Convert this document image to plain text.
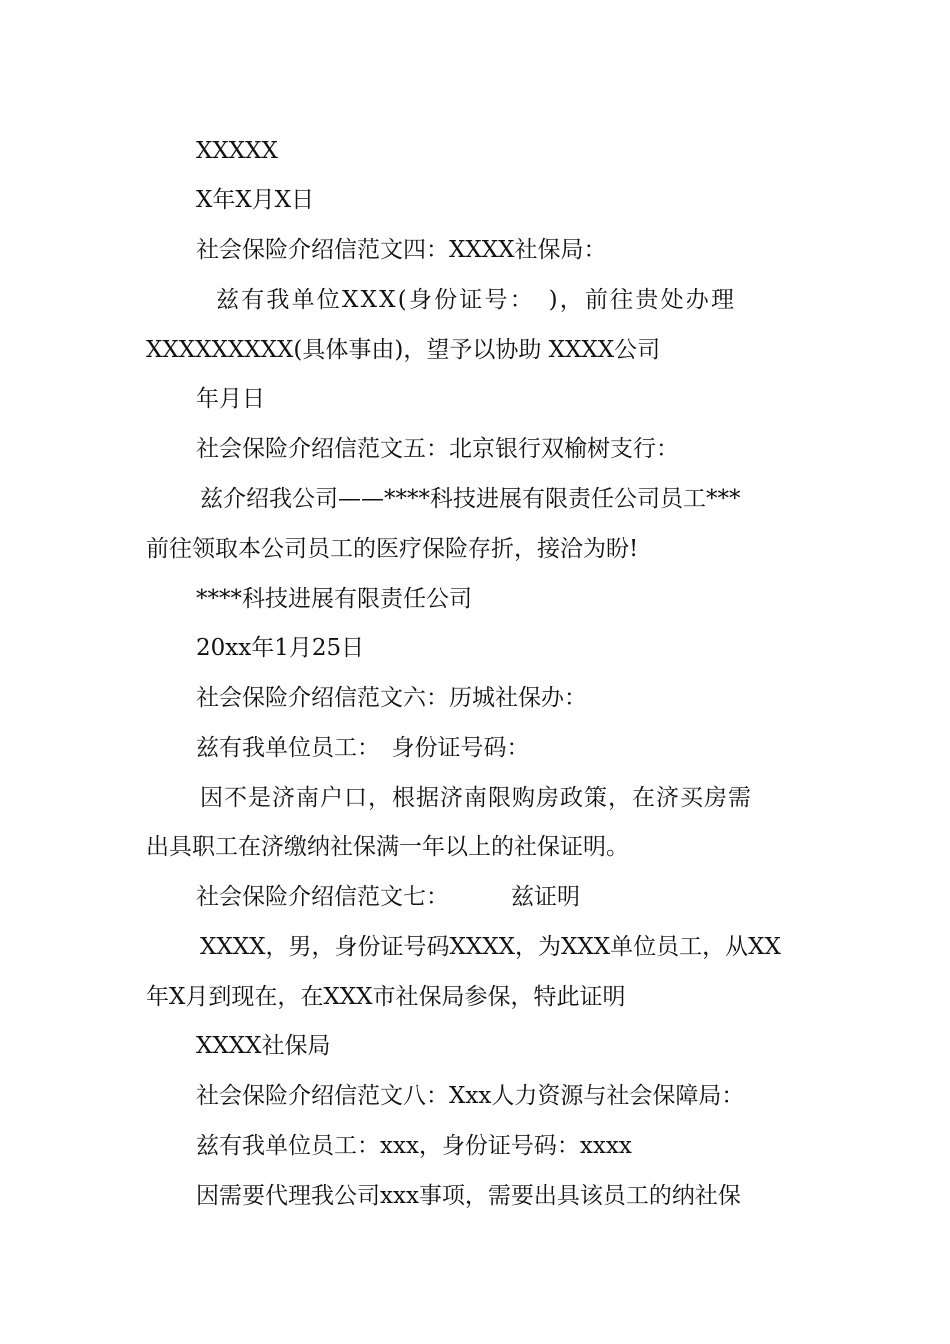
XXXXX
X年X月X日
社会保险介绍信范文四：XXXX社保局：
兹有我单位XXX(身份证号：　)，前往贵处办理
XXXXXXXXX(具体事由)，望予以协助 XXXX公司
年月日
社会保险介绍信范文五：北京银行双榆树支行：
兹介绍我公司——****科技进展有限责任公司员工***
前往领取本公司员工的医疗保险存折，接洽为盼!
****科技进展有限责任公司
20xx年1月25日
社会保险介绍信范文六：历城社保办：
兹有我单位员工：　身份证号码：
因不是济南户口，根据济南限购房政策，在济买房需
出具职工在济缴纳社保满一年以上的社保证明。
社会保险介绍信范文七：	兹证明
XXXX，男，身份证号码XXXX，为XXX单位员工，从XX
年X月到现在，在XXX市社保局参保，特此证明
XXXX社保局
社会保险介绍信范文八：Xxx人力资源与社会保障局：
兹有我单位员工：xxx，身份证号码：xxxx
因需要代理我公司xxx事项，需要出具该员工的纳社保
